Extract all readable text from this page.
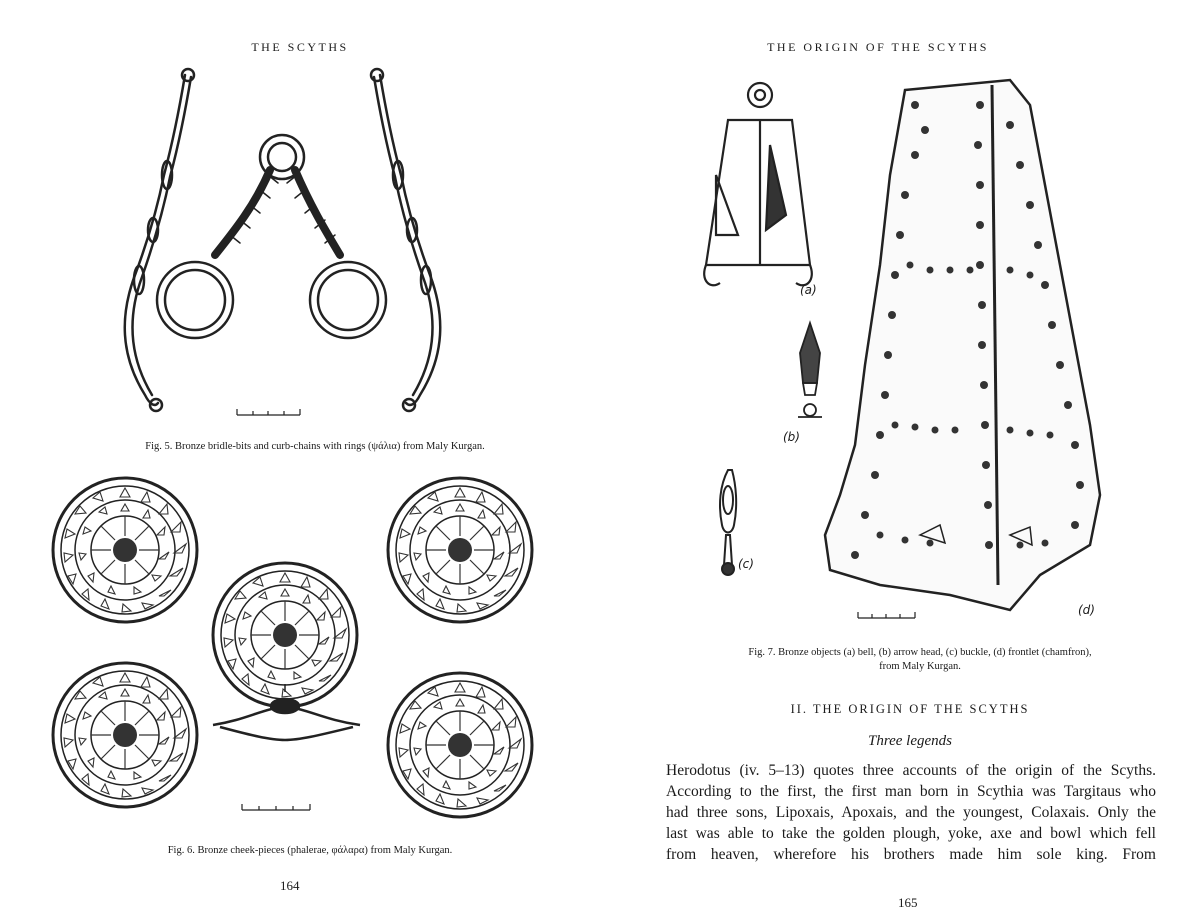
THE SCYTHS
Fig. 5. Bronze bridle-bits and curb-chains with rings (ψάλια) from Maly Kurgan.
Fig. 6. Bronze cheek-pieces (phalerae, φάλαρα) from Maly Kurgan.
164
THE ORIGIN OF THE SCYTHS
(a)
(b)
(c)
(d)
Fig. 7. Bronze objects (a) bell, (b) arrow head, (c) buckle, (d) frontlet (chamfron),
from Maly Kurgan.
II. THE ORIGIN OF THE SCYTHS
Three legends
Herodotus (iv. 5–13) quotes three accounts of the origin of the Scyths.
According to the first, the first man born in Scythia was Targitaus who
had three sons, Lipoxais, Apoxais, and the youngest, Colaxais. Only the
last was able to take the golden plough, yoke, axe and bowl which fell
from heaven, wherefore his brothers made him sole king. From
165
